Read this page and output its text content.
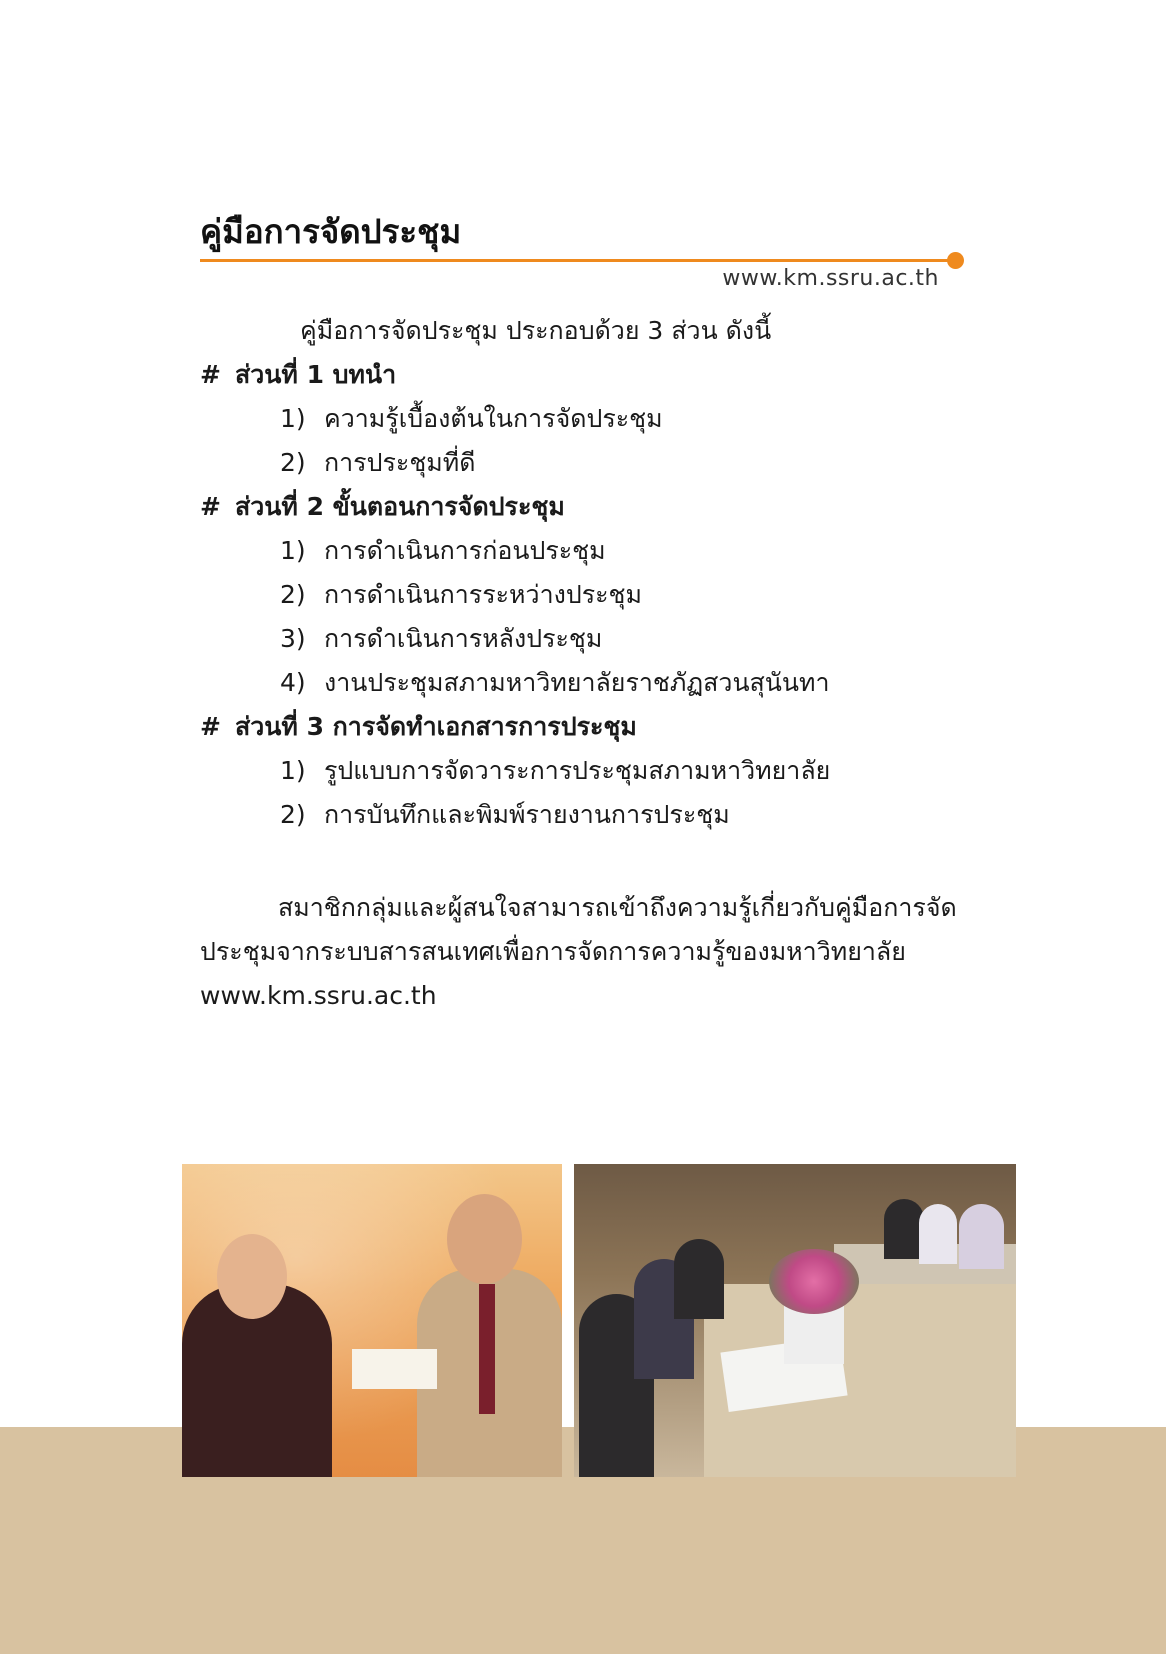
คู่มือการจัดประชุม
www.km.ssru.ac.th
คู่มือการจัดประชุม ประกอบด้วย 3 ส่วน ดังนี้
# ส่วนที่ 1 บทนำ
1) ความรู้เบื้องต้นในการจัดประชุม
2) การประชุมที่ดี
# ส่วนที่ 2 ขั้นตอนการจัดประชุม
1) การดำเนินการก่อนประชุม
2) การดำเนินการระหว่างประชุม
3) การดำเนินการหลังประชุม
4) งานประชุมสภามหาวิทยาลัยราชภัฏสวนสุนันทา
# ส่วนที่ 3 การจัดทำเอกสารการประชุม
1) รูปแบบการจัดวาระการประชุมสภามหาวิทยาลัย
2) การบันทึกและพิมพ์รายงานการประชุม

สมาชิกกลุ่มและผู้สนใจสามารถเข้าถึงความรู้เกี่ยวกับคู่มือการจัดประชุมจากระบบสารสนเทศเพื่อการจัดการความรู้ของมหาวิทยาลัย www.km.ssru.ac.th
